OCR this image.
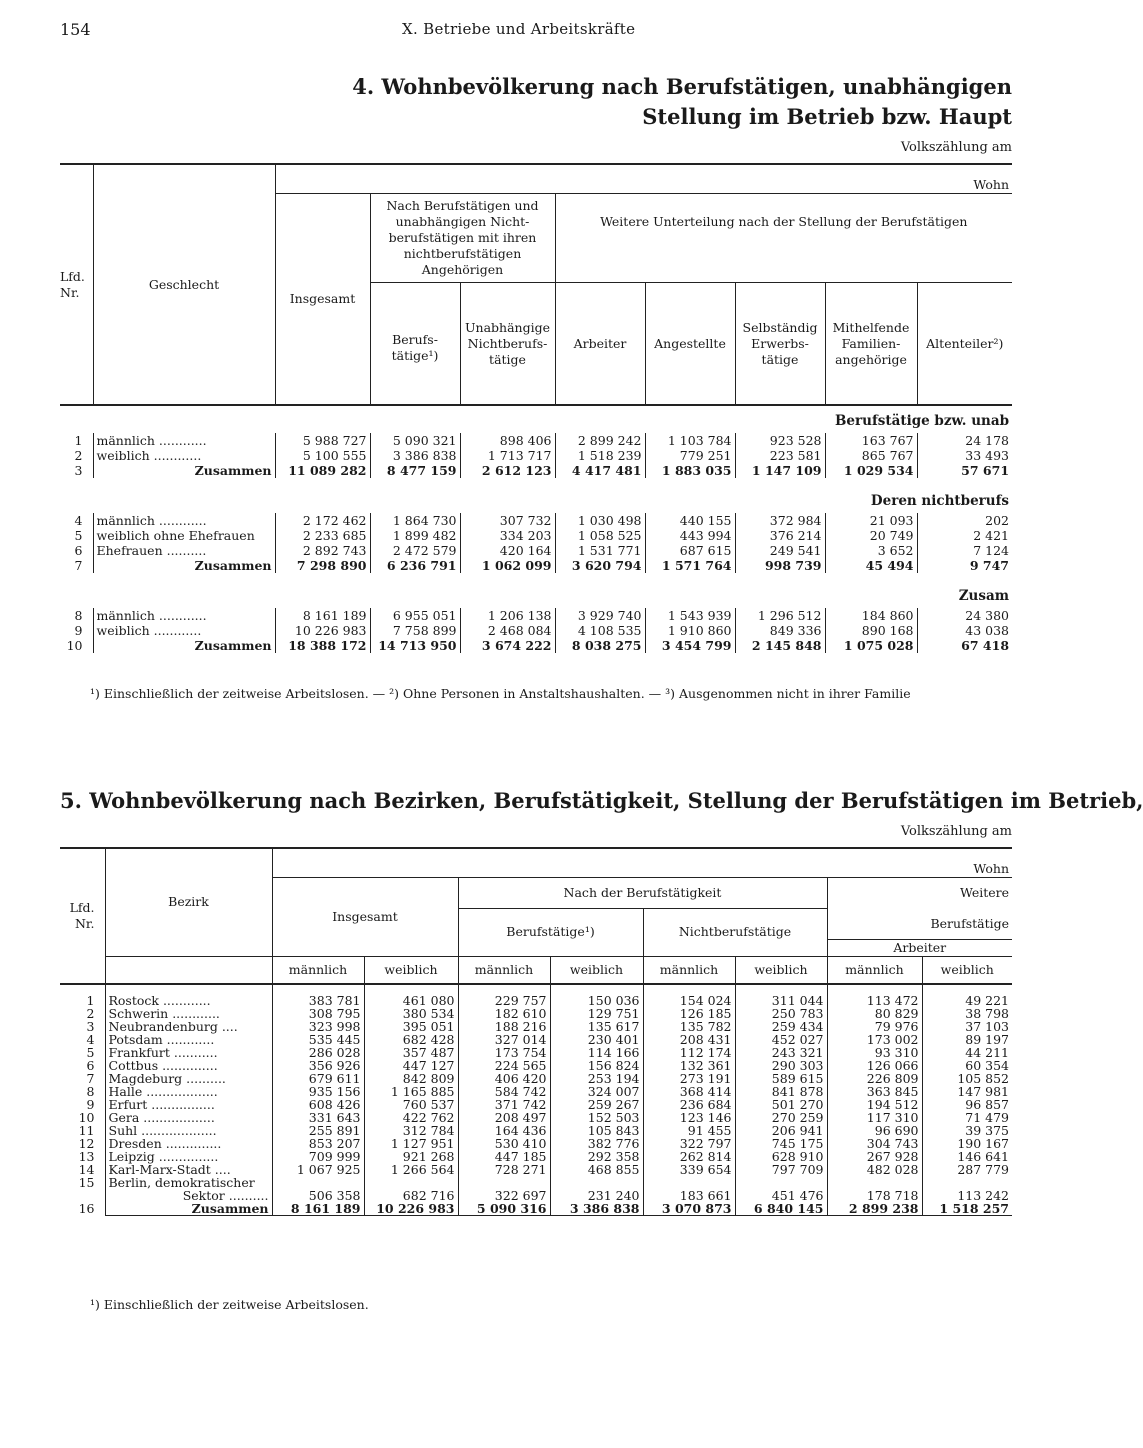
154	X. Betriebe und Arbeitskräfte
4. Wohnbevölkerung nach Berufstätigen, unabhängigen
Stellung im Betrieb bzw. Haupt
Volkszählung am
Lfd. Nr.	Geschlecht	Wohn							
		Insgesamt	Nach Berufstätigen und unabhängigen Nicht-berufstätigen mit ihren nichtberufstätigen Angehörigen		Weitere Unterteilung nach der Stellung der Berufstätigen				
			Berufs-tätige¹)	Unabhängige Nichtberufs-tätige	Arbeiter	Angestellte	Selbständig Erwerbs-tätige	Mithelfende Familien-angehörige	Altenteiler²)

Berufstätige bzw. unab									
1	männlich ............	5 988 727	5 090 321	898 406	2 899 242	1 103 784	923 528	163 767	24 178
2	weiblich ............	5 100 555	3 386 838	1 713 717	1 518 239	779 251	223 581	865 767	33 493
3	Zusammen	11 089 282	8 477 159	2 612 123	4 417 481	1 883 035	1 147 109	1 029 534	57 671
Deren nichtberufs									
4	männlich ............	2 172 462	1 864 730	307 732	1 030 498	440 155	372 984	21 093	202
5	weiblich ohne Ehefrauen	2 233 685	1 899 482	334 203	1 058 525	443 994	376 214	20 749	2 421
6	Ehefrauen ..........	2 892 743	2 472 579	420 164	1 531 771	687 615	249 541	3 652	7 124
7	Zusammen	7 298 890	6 236 791	1 062 099	3 620 794	1 571 764	998 739	45 494	9 747
Zusam									
8	männlich ............	8 161 189	6 955 051	1 206 138	3 929 740	1 543 939	1 296 512	184 860	24 380
9	weiblich ............	10 226 983	7 758 899	2 468 084	4 108 535	1 910 860	849 336	890 168	43 038
10	Zusammen	18 388 172	14 713 950	3 674 222	8 038 275	3 454 799	2 145 848	1 075 028	67 418
¹) Einschließlich der zeitweise Arbeitslosen. — ²) Ohne Personen in Anstaltshaushalten. — ³) Ausgenommen nicht in ihrer Familie
5. Wohnbevölkerung nach Bezirken, Berufstätigkeit, Stellung der Berufstätigen im Betrieb,
Volkszählung am
Lfd. Nr.	Bezirk	Wohn							
		Insgesamt		Nach der Berufstätigkeit				Weitere	
				Berufstätige¹)		Nichtberufstätige		Berufstätige	
								Arbeiter	

		männlich	weiblich	männlich	weiblich	männlich	weiblich	männlich	weiblich

1	Rostock ............	383 781	461 080	229 757	150 036	154 024	311 044	113 472	49 221
2	Schwerin ............	308 795	380 534	182 610	129 751	126 185	250 783	80 829	38 798
3	Neubrandenburg ....	323 998	395 051	188 216	135 617	135 782	259 434	79 976	37 103
4	Potsdam ............	535 445	682 428	327 014	230 401	208 431	452 027	173 002	89 197
5	Frankfurt ...........	286 028	357 487	173 754	114 166	112 174	243 321	93 310	44 211
6	Cottbus ..............	356 926	447 127	224 565	156 824	132 361	290 303	126 066	60 354
7	Magdeburg ..........	679 611	842 809	406 420	253 194	273 191	589 615	226 809	105 852
8	Halle ..................	935 156	1 165 885	584 742	324 007	368 414	841 878	363 845	147 981
9	Erfurt ................	608 426	760 537	371 742	259 267	236 684	501 270	194 512	96 857
10	Gera ..................	331 643	422 762	208 497	152 503	123 146	270 259	117 310	71 479
11	Suhl ...................	255 891	312 784	164 436	105 843	91 455	206 941	96 690	39 375
12	Dresden ..............	853 207	1 127 951	530 410	382 776	322 797	745 175	304 743	190 167
13	Leipzig ...............	709 999	921 268	447 185	292 358	262 814	628 910	267 928	146 641
14	Karl-Marx-Stadt ....	1 067 925	1 266 564	728 271	468 855	339 654	797 709	482 028	287 779
15	Berlin, demokratischer								
	Sektor ..........	506 358	682 716	322 697	231 240	183 661	451 476	178 718	113 242
16	Zusammen	8 161 189	10 226 983	5 090 316	3 386 838	3 070 873	6 840 145	2 899 238	1 518 257
¹) Einschließlich der zeitweise Arbeitslosen.
